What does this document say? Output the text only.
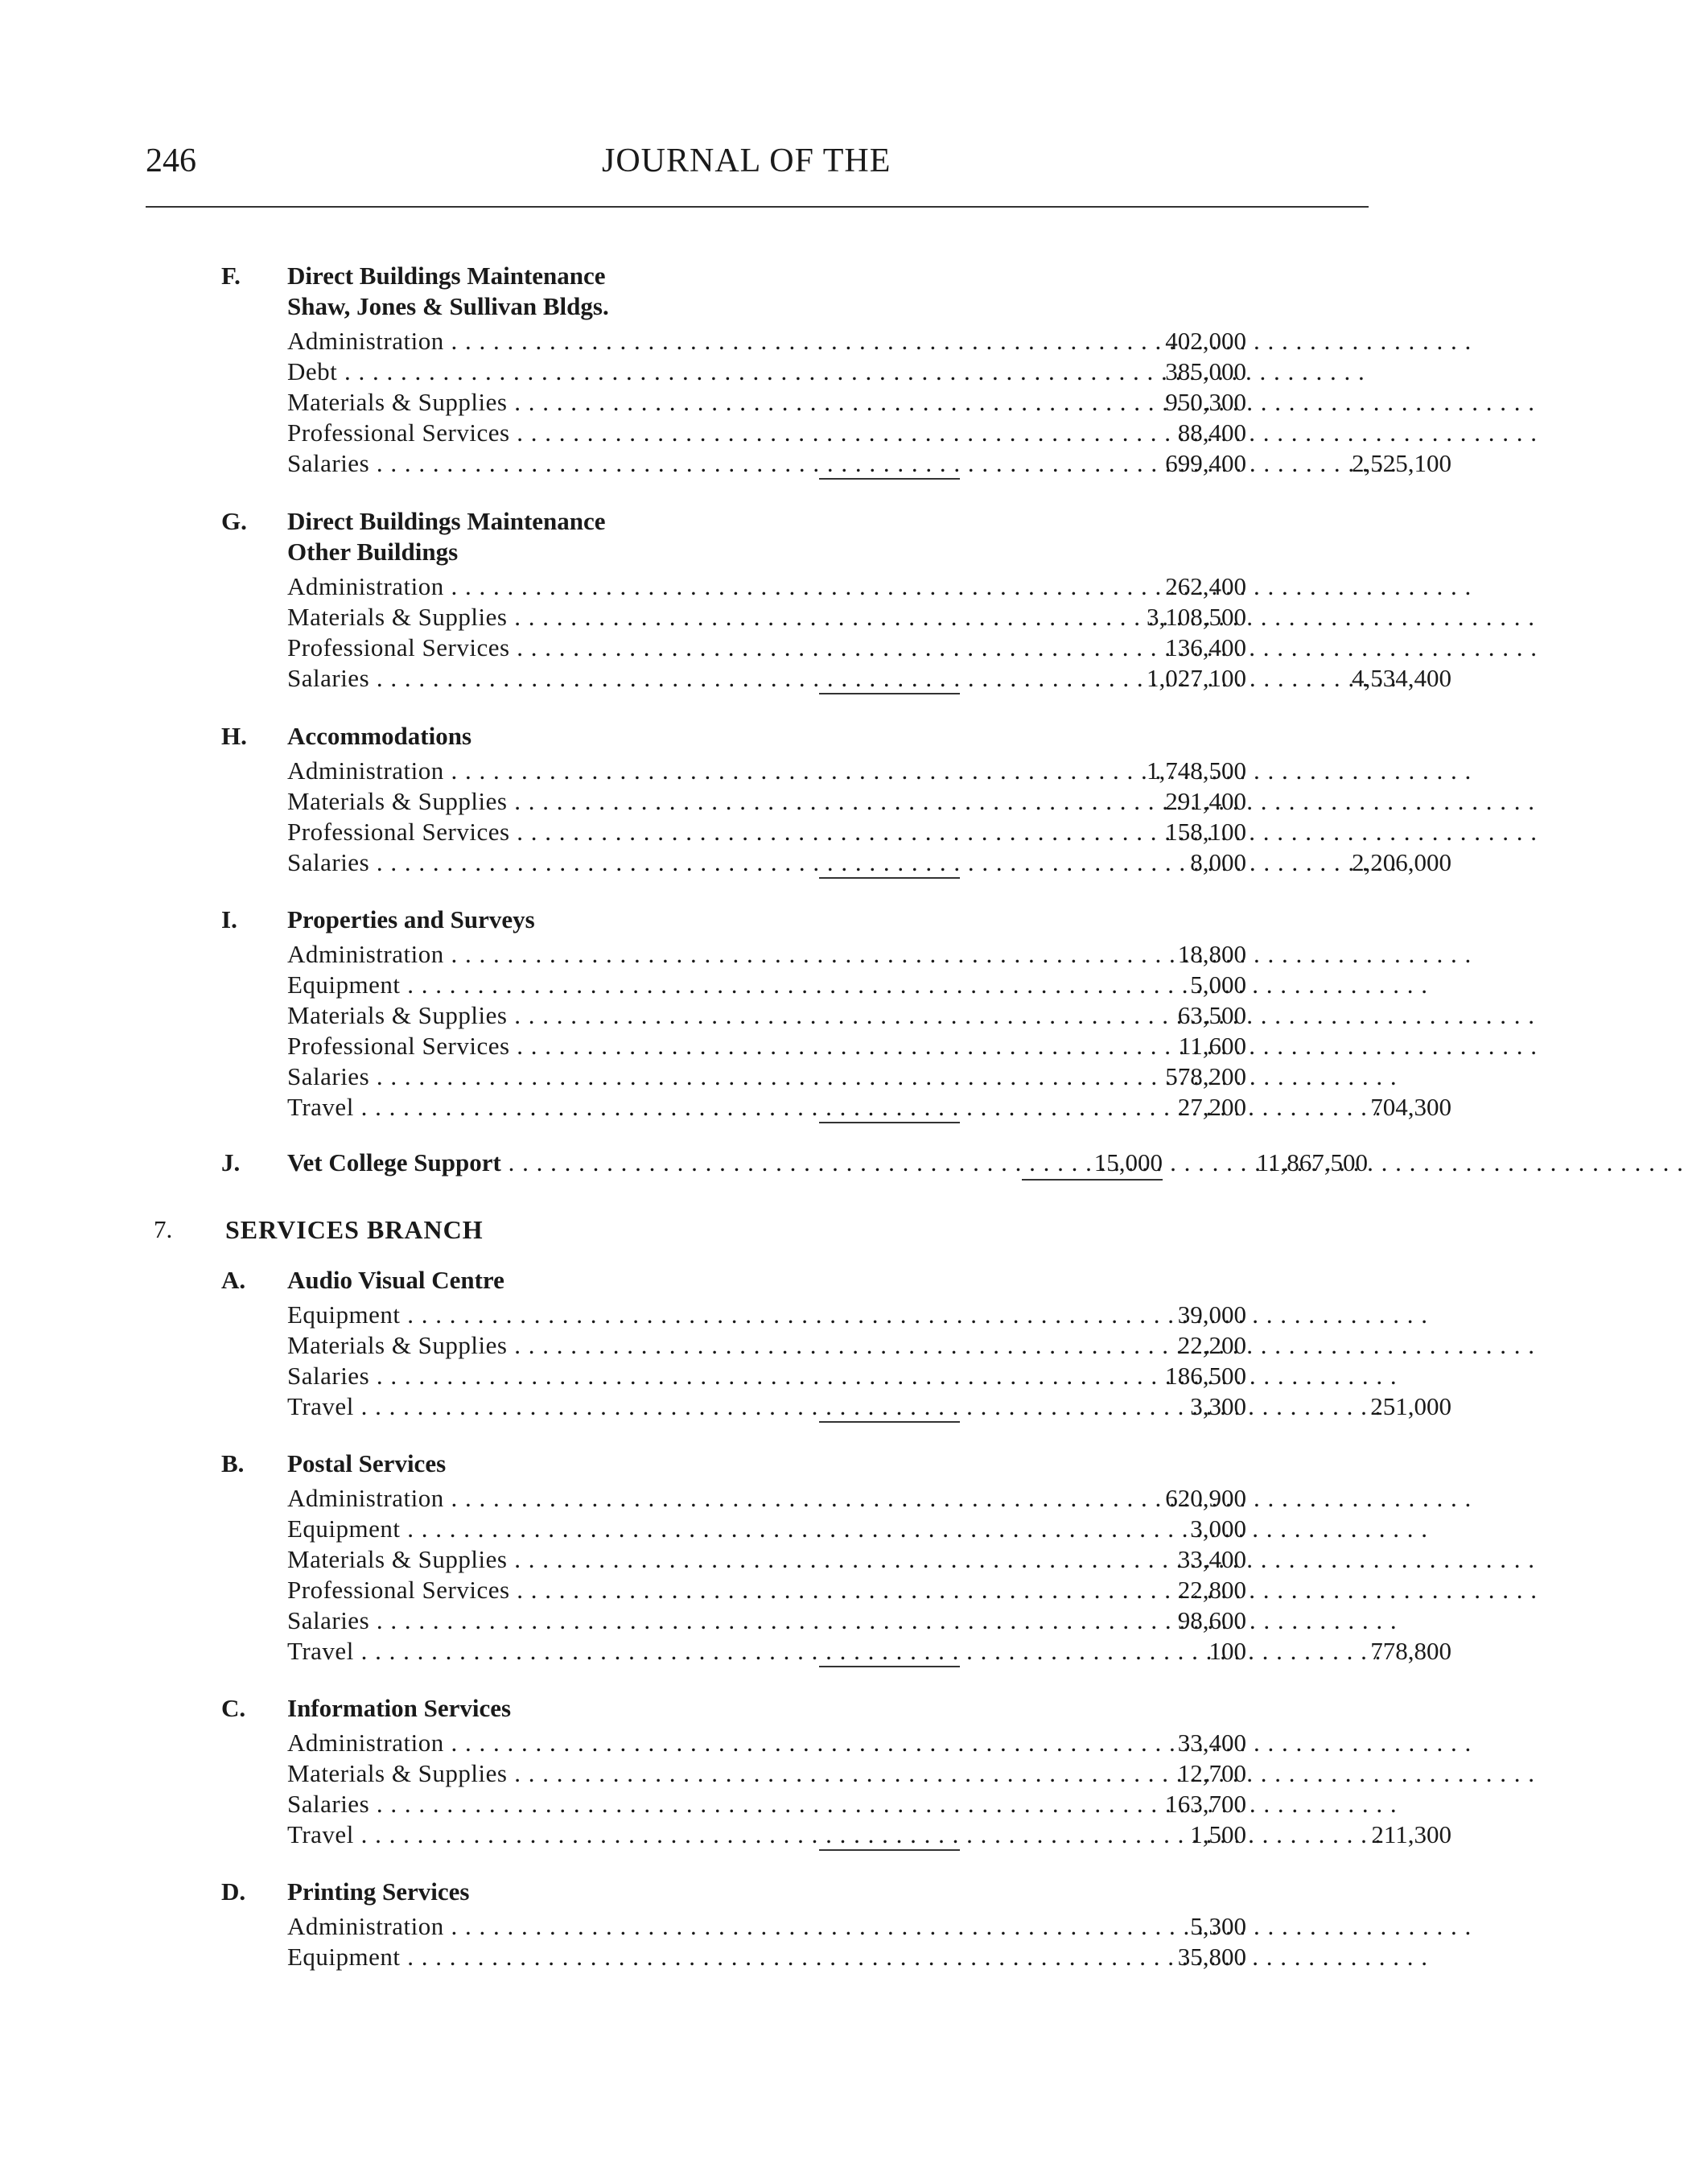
246	JOURNAL OF THE
F. Direct Buildings Maintenance
Shaw, Jones & Sullivan Bldgs.
Administration . . .	402,000
Debt . . .	385,000
Materials & Supplies . . .	950,300
Professional Services . . .	88,400
Salaries . . .	699,400	2,525,100
G. Direct Buildings Maintenance
Other Buildings
Administration . . .	262,400
Materials & Supplies . . .	3,108,500
Professional Services . . .	136,400
Salaries . . .	1,027,100	4,534,400
H. Accommodations
Administration . . .	1,748,500
Materials & Supplies . . .	291,400
Professional Services . . .	158,100
Salaries . . .	8,000	2,206,000
I. Properties and Surveys
Administration . . .	18,800
Equipment . . .	5,000
Materials & Supplies . . .	63,500
Professional Services . . .	11,600
Salaries . . .	578,200
Travel . . .	27,200	704,300
J. Vet College Support . . .	15,000	11,867,500
7. SERVICES BRANCH
A. Audio Visual Centre
Equipment . . .	39,000
Materials & Supplies . . .	22,200
Salaries . . .	186,500
Travel . . .	3,300	251,000
B. Postal Services
Administration . . .	620,900
Equipment . . .	3,000
Materials & Supplies . . .	33,400
Professional Services . . .	22,800
Salaries . . .	98,600
Travel . . .	100	778,800
C. Information Services
Administration . . .	33,400
Materials & Supplies . . .	12,700
Salaries . . .	163,700
Travel . . .	1,500	211,300
D. Printing Services
Administration . . .	5,300
Equipment . . .	35,800
